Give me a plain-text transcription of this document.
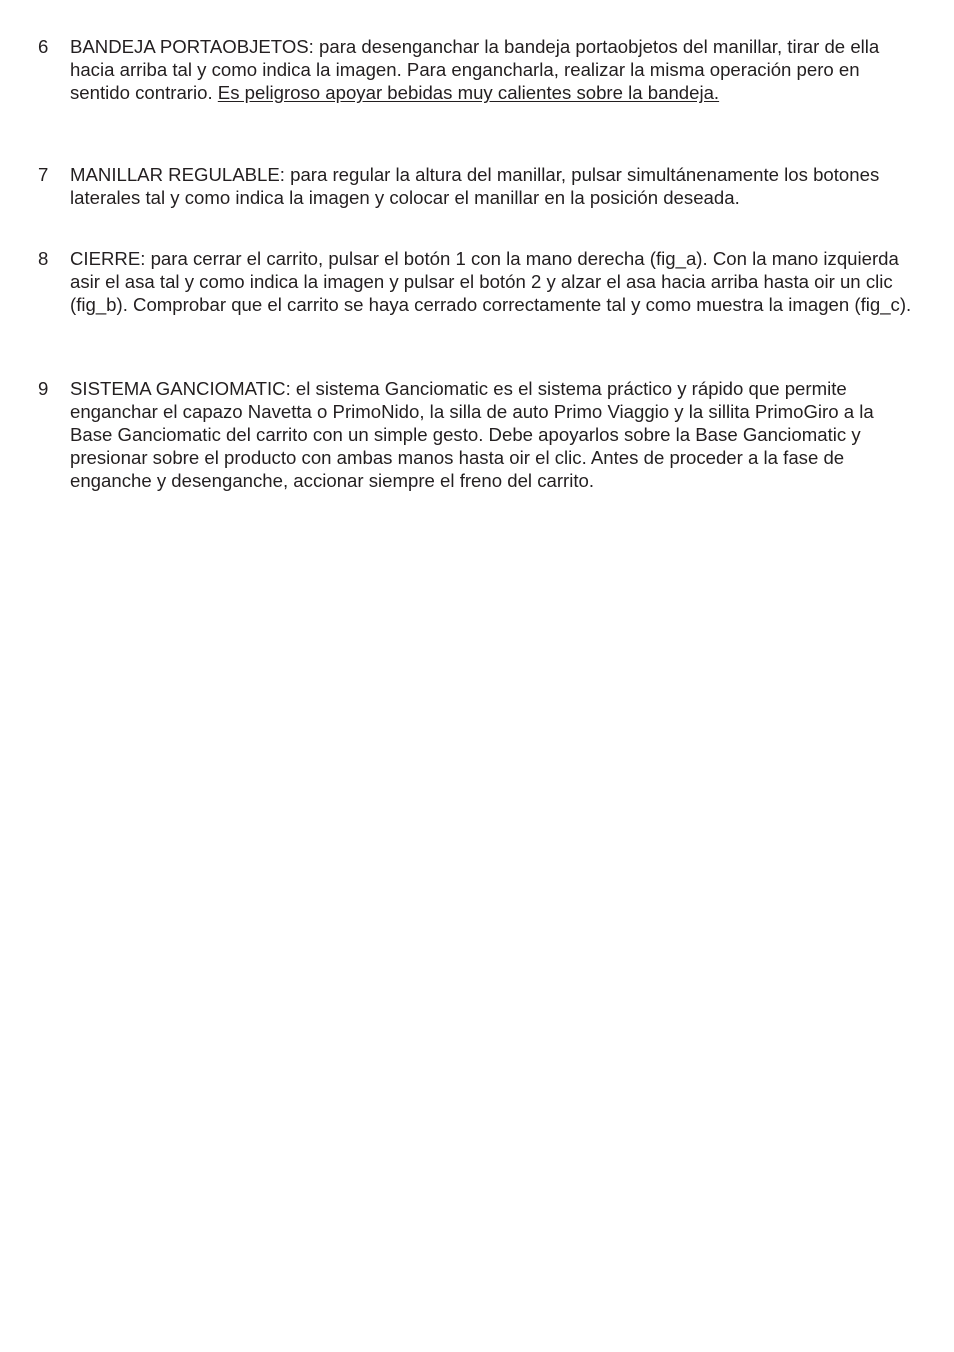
6	BANDEJA PORTAOBJETOS: para desenganchar la bandeja portaobjetos del manillar, tirar de ella hacia arriba tal y como indica la imagen. Para engancharla, realizar la misma operación pero en sentido contrario. Es peligroso apoyar bebidas muy calientes sobre la bandeja.
7	MANILLAR REGULABLE: para regular la altura del manillar, pulsar simultánenamente los botones laterales tal y como indica la imagen y colocar el manillar en la posición deseada.
8	CIERRE: para cerrar el carrito, pulsar el botón 1 con la mano derecha (fig_a). Con la mano izquierda asir el asa tal y como indica la imagen y pulsar el botón 2 y alzar el asa hacia arriba hasta oir un clic (fig_b). Comprobar que el carrito se haya cerrado correctamente tal y como muestra la imagen (fig_c).
9	SISTEMA GANCIOMATIC: el sistema Ganciomatic es el sistema práctico y rápido que permite enganchar el capazo Navetta o PrimoNido, la silla de auto Primo Viaggio y la sillita PrimoGiro a la Base Ganciomatic del carrito con un simple gesto. Debe apoyarlos sobre la Base Ganciomatic y presionar sobre el producto con ambas manos hasta oir el clic. Antes de proceder a la fase de enganche y desenganche, accionar siempre el freno del carrito.
